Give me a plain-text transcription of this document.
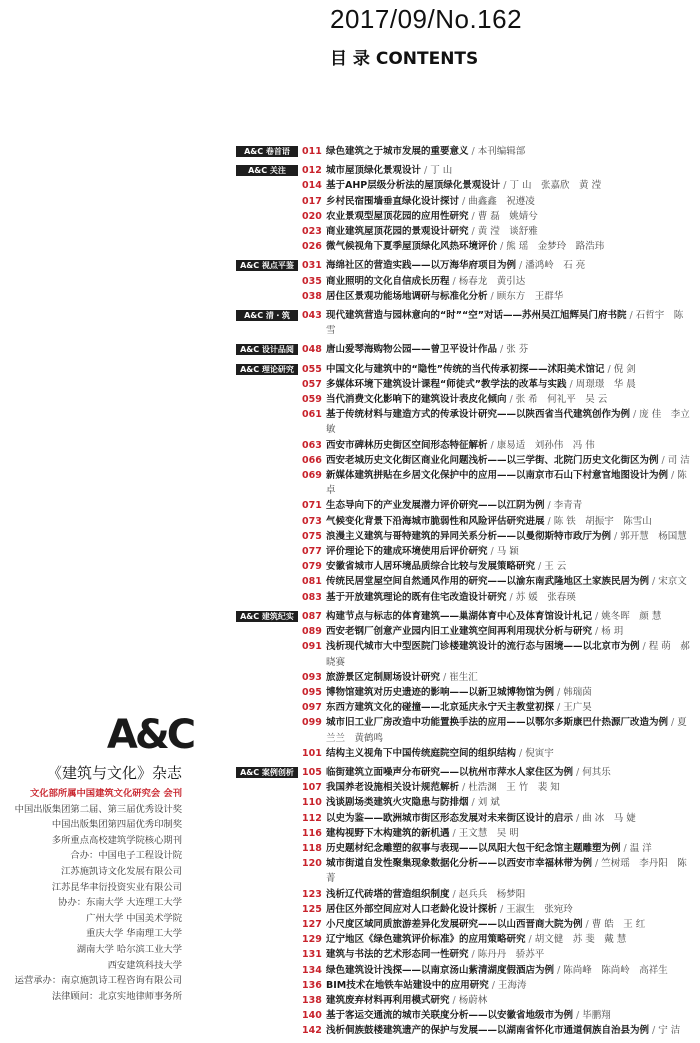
2017/09/No.162
目 录 CONTENTS
A&C 卷首语	011 绿色建筑之于城市发展的重要意义 / 本刊编辑部
A&C 关注	012 城市屋顶绿化景观设计 / 丁 山
014 基于AHP层级分析法的屋顶绿化景观设计 / 丁 山　张嘉欣　黄 滢
017 乡村民宿围墙垂直绿化设计探讨 / 曲鑫鑫　祝遵凌
020 农业景观型屋顶花园的应用性研究 / 曹 磊　姚婧兮
023 商业建筑屋顶花园的景观设计研究 / 黄 滢　谈舒雅
026 微气候视角下夏季屋顶绿化风热环境评价 / 熊 瑶　金梦玲　路浩玮
A&C 视点平鉴 031 海绵社区的营造实践——以万海华府项目为例 / 潘鸿岭　石 亮
035 商业照明的文化自信成长历程 / 杨春龙　黄引达
038 居住区景观功能场地调研与标准化分析 / 顾东方　王群华
A&C 清・筑	043 现代建筑营造与园林意向的“时”“空”对话——苏州吴江旭辉吴门府书院 / 石哲宇　陈 雪
A&C 设计品阅 048 唐山爱琴海购物公园——曾卫平设计作品 / 张 芬
A&C 理论研究 055 中国文化与建筑中的“隐性”传统的当代传承初探——沭阳美术馆记 / 倪 剑
057 多媒体环境下建筑设计课程“师徒式”教学法的改革与实践 / 周璟璟　华 晨
059 当代消费文化影响下的建筑设计表皮化倾向 / 张 希　何礼平　吴 云
061 基于传统材料与建造方式的传承设计研究——以陕西省当代建筑创作为例 / 庞 佳　李立敏
063 西安市碑林历史街区空间形态特征解析 / 康易适　刘孙伟　冯 伟
066 西安老城历史文化街区商业化问题浅析——以三学街、北院门历史文化街区为例 / 司 洁
069 新媒体建筑拼贴在乡居文化保护中的应用——以南京市石山下村意官地图设计为例 / 陈 卓
071 生态导向下的产业发展潜力评价研究——以江阴为例 / 李青青
073 气候变化背景下沿海城市脆弱性和风险评估研究进展 / 陈 铁　胡振宇　陈雪山
075 浪漫主义建筑与哥特建筑的异同关系分析——以曼彻斯特市政厅为例 / 郭开慧　杨国慧
077 评价理论下的建成环境使用后评价研究 / 马 颖
079 安徽省城市人居环境品质综合比较与发展策略研究 / 王 云
081 传统民居堂屋空间自然通风作用的研究——以渝东南武隆地区土家族民居为例 / 宋京文
083 基于开放建筑理论的既有住宅改造设计研究 / 苏 媛　张春瑛
A&C 建筑纪实 087 构建节点与标志的体育建筑——巢湖体育中心及体育馆设计札记 / 姚冬晖　颜 慧
089 西安老钢厂创意产业园内旧工业建筑空间再利用现状分析与研究 / 杨 玥
091 浅析现代城市大中型医院门诊楼建筑设计的流行态与困境——以北京市为例 / 程 萌　郝晓赛
093 旅游景区定制厕场设计研究 / 崔生汇
095 博物馆建筑对历史遗迹的影响——以新卫城博物馆为例 / 韩瑞茵
097 东西方建筑文化的碰撞——北京延庆永宁天主教堂初探 / 王广昊
099 城市旧工业厂房改造中功能置换手法的应用——以鄂尔多斯康巴什热源厂改造为例 / 夏兰兰　黄鹤鸣
101 结构主义视角下中国传统庭院空间的组织结构 / 倪寅宇
A&C 案例创析 105 临街建筑立面噪声分布研究——以杭州市萍水人家住区为例 / 何其乐
107 我国养老设施相关设计规范解析 / 杜浩渊　王 竹　裴 知
110 浅谈剧场类建筑火灾隐患与防排烟 / 刘 斌
112 以史为鉴——欧洲城市街区形态发展对未来街区设计的启示 / 曲 冰　马 婕
116 建构视野下木构建筑的新机遇 / 王文慧　吴 明
118 历史题材纪念雕塑的叙事与表现——以凤阳大包干纪念馆主题雕塑为例 / 温 洋
120 城市街道自发性聚集现象数据化分析——以西安市幸福林带为例 / 竺树瑶　李丹阳　陈 菁
123 浅析辽代砖塔的营造组织制度 / 赵兵兵　杨梦阳
125 居住区外部空间应对人口老龄化设计探析 / 王淑生　张宛玲
127 小尺度区域同质旅游差异化发展研究——以山西晋商大院为例 / 曹 皓　王 红
129 辽宁地区《绿色建筑评价标准》的应用策略研究 / 胡文健　苏 斐　戴 慧
131 建筑与书法的艺术形态同一性研究 / 陈丹丹　骄苏平
134 绿色建筑设计浅探——以南京汤山紫清湖度假酒店为例 / 陈尚峰　陈尚岭　高祥生
136 BIM技术在地铁车站建设中的应用研究 / 王海涛
138 建筑废弃材料再利用模式研究 / 杨蔚林
140 基于客运交通流的城市关联度分析——以安徽省地级市为例 / 毕鹏翔
142 浅析侗族鼓楼建筑遗产的保护与发展——以湖南省怀化市通道侗族自治县为例 / 宁 洁
A&C
《建筑与文化》杂志
文化部所属中国建筑文化研究会 会刊
中国出版集团第二届、第三届优秀设计奖
中国出版集团第四届优秀印制奖
多所重点高校建筑学院核心期刊
合办：中国电子工程设计院
江苏施凯诗文化发展有限公司
江苏昆华聿衍投资实业有限公司
协办：东南大学 大连理工大学
广州大学 中国美术学院
重庆大学 华南理工大学
湖南大学 哈尔滨工业大学
西安建筑科技大学
运营承办：南京施凯诗工程咨询有限公司
法律顾问：北京实地律师事务所
